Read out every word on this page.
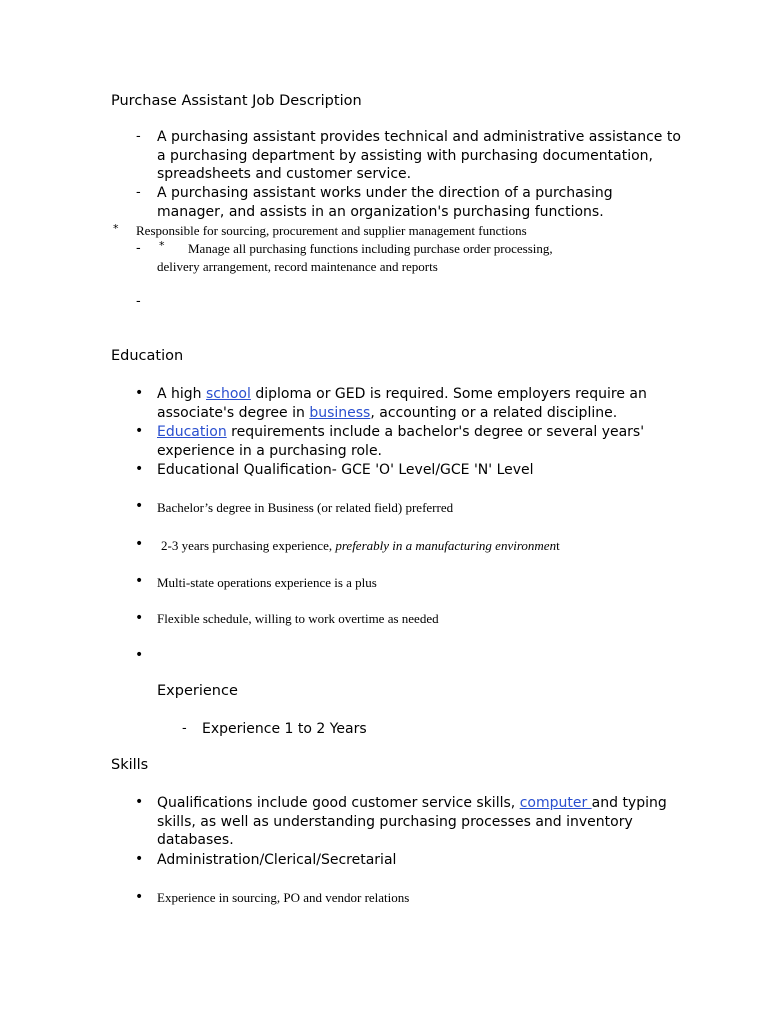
Purchase Assistant Job Description
- A purchasing assistant provides technical and administrative assistance to
a purchasing department by assisting with purchasing documentation,
spreadsheets and customer service.
- A purchasing assistant works under the direction of a purchasing
manager, and assists in an organization's purchasing functions.
* Responsible for sourcing, procurement and supplier management functions
- *	Manage all purchasing functions including purchase order processing,
delivery arrangement, record maintenance and reports
-
Education
• A high school diploma or GED is required. Some employers require an
associate's degree in business, accounting or a related discipline.
• Education requirements include a bachelor's degree or several years'
experience in a purchasing role.
• Educational Qualification- GCE 'O' Level/GCE 'N' Level
• Bachelor’s degree in Business (or related field) preferred
• 2-3 years purchasing experience, preferably in a manufacturing environment
• Multi-state operations experience is a plus
• Flexible schedule, willing to work overtime as needed
•
Experience
- Experience 1 to 2 Years
Skills
• Qualifications include good customer service skills, computer and typing
skills, as well as understanding purchasing processes and inventory
databases.
• Administration/Clerical/Secretarial
• Experience in sourcing, PO and vendor relations
